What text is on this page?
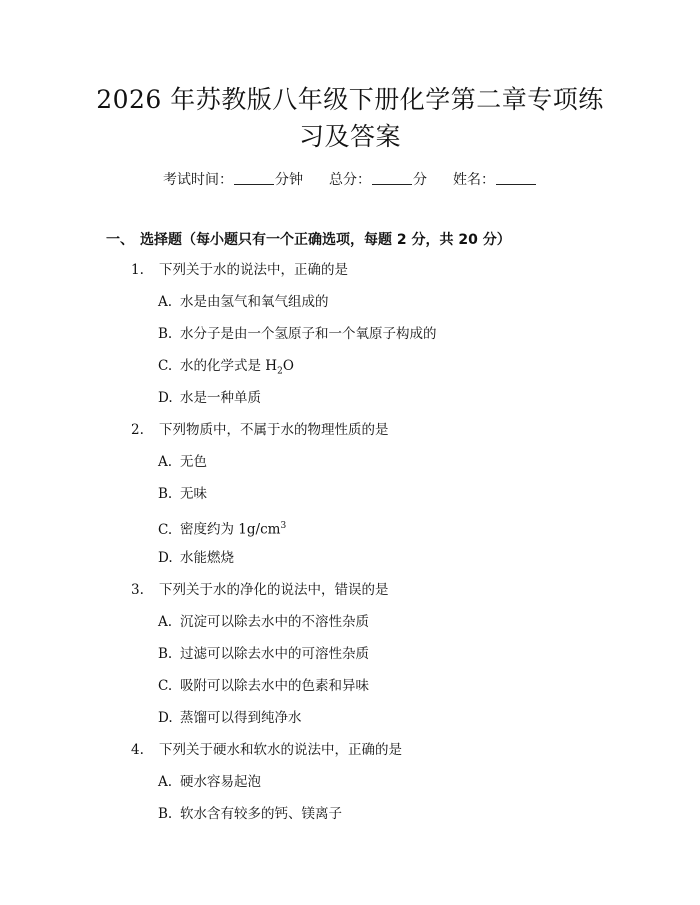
2026 年苏教版八年级下册化学第二章专项练
习及答案
考试时间：	分钟 总分：	分 姓名：
一、 选择题（每小题只有一个正确选项，每题 2 分，共 20 分）
1. 下列关于水的说法中，正确的是
A. 水是由氢气和氧气组成的
B. 水分子是由一个氢原子和一个氧原子构成的
C. 水的化学式是 $H_2O$
D. 水是一种单质
2. 下列物质中，不属于水的物理性质的是
A. 无色
B. 无味
C. 密度约为 $1g/cm^3$
D. 水能燃烧
3. 下列关于水的净化的说法中，错误的是
A. 沉淀可以除去水中的不溶性杂质
B. 过滤可以除去水中的可溶性杂质
C. 吸附可以除去水中的色素和异味
D. 蒸馏可以得到纯净水
4. 下列关于硬水和软水的说法中，正确的是
A. 硬水容易起泡
B. 软水含有较多的钙、镁离子
